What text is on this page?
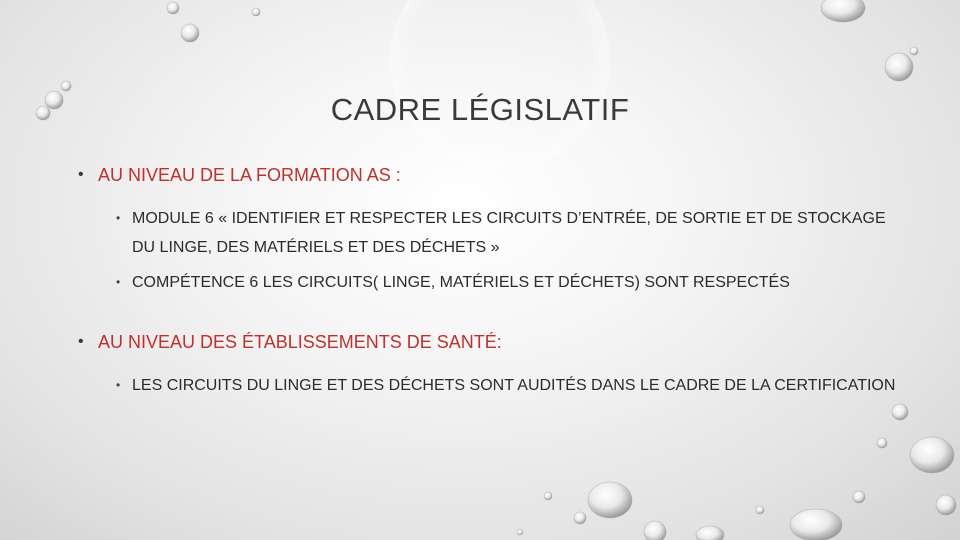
CADRE LÉGISLATIF
• AU NIVEAU DE LA FORMATION AS :
• MODULE 6 « IDENTIFIER ET RESPECTER LES CIRCUITS D’ENTRÉE, DE SORTIE ET DE STOCKAGE DU LINGE, DES MATÉRIELS ET DES DÉCHETS »
• COMPÉTENCE 6 LES CIRCUITS( LINGE, MATÉRIELS ET DÉCHETS) SONT RESPECTÉS
• AU NIVEAU DES ÉTABLISSEMENTS DE SANTÉ:
• LES CIRCUITS DU LINGE ET DES DÉCHETS SONT AUDITÉS DANS LE CADRE DE LA CERTIFICATION
